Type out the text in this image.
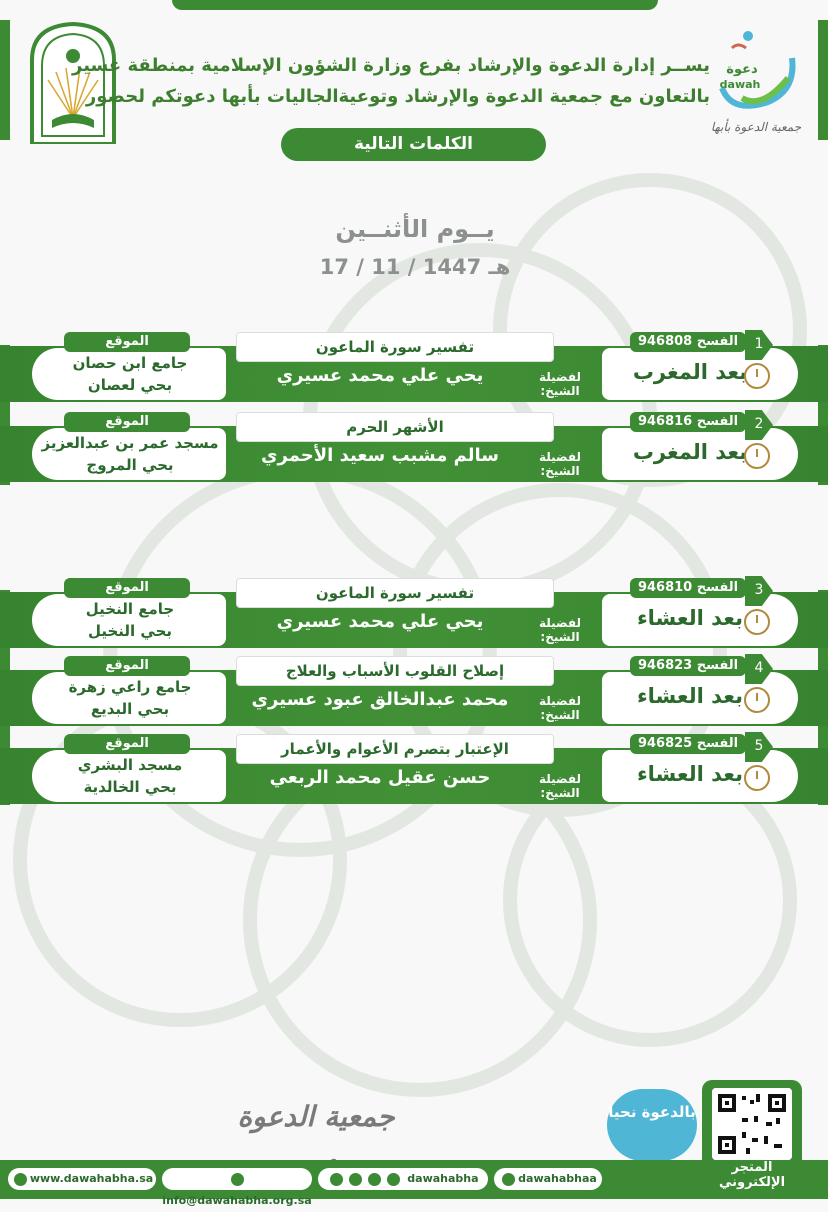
دعوة
dawah
جمعية الدعوة بأبها
يســر إدارة الدعوة والإرشاد بفرع وزارة الشؤون الإسلامية بمنطقة عسير
بالتعاون مع جمعية الدعوة والإرشاد وتوعيةالجاليات بأبها دعوتكم لحضور
الكلمات التالية
يــوم الأثنــين
17 / 11 / 1447 هـ
بعد المغرب
1
الفسح 946808
تفسير سورة الماعون
لفضيلة الشيخ:
يحي علي محمد عسيري
الموقع
جامع ابن حصان
بحي لعصان
بعد المغرب
2
الفسح 946816
الأشهر الحرم
لفضيلة الشيخ:
سالم مشبب سعيد الأحمري
الموقع
مسجد عمر بن عبدالعزيز
بحي المروج
بعد العشاء
3
الفسح 946810
تفسير سورة الماعون
لفضيلة الشيخ:
يحي علي محمد عسيري
الموقع
جامع النخيل
بحي النخيل
بعد العشاء
4
الفسح 946823
إصلاح القلوب الأسباب والعلاج
لفضيلة الشيخ:
محمد عبدالخالق عبود عسيري
الموقع
جامع راعي زهرة
بحي البديع
بعد العشاء
5
الفسح 946825
الإعتبار بتصرم الأعوام والأعمار
لفضيلة الشيخ:
حسن عقيل محمد الربعي
الموقع
مسجد البشري
بحي الخالدية
جمعية الدعوة	بالدعوة نحيا
المتجر الإلكتروني
www.dawahabha.sa
info@dawahabha.org.sa
dawahabha	dawahabhaa
